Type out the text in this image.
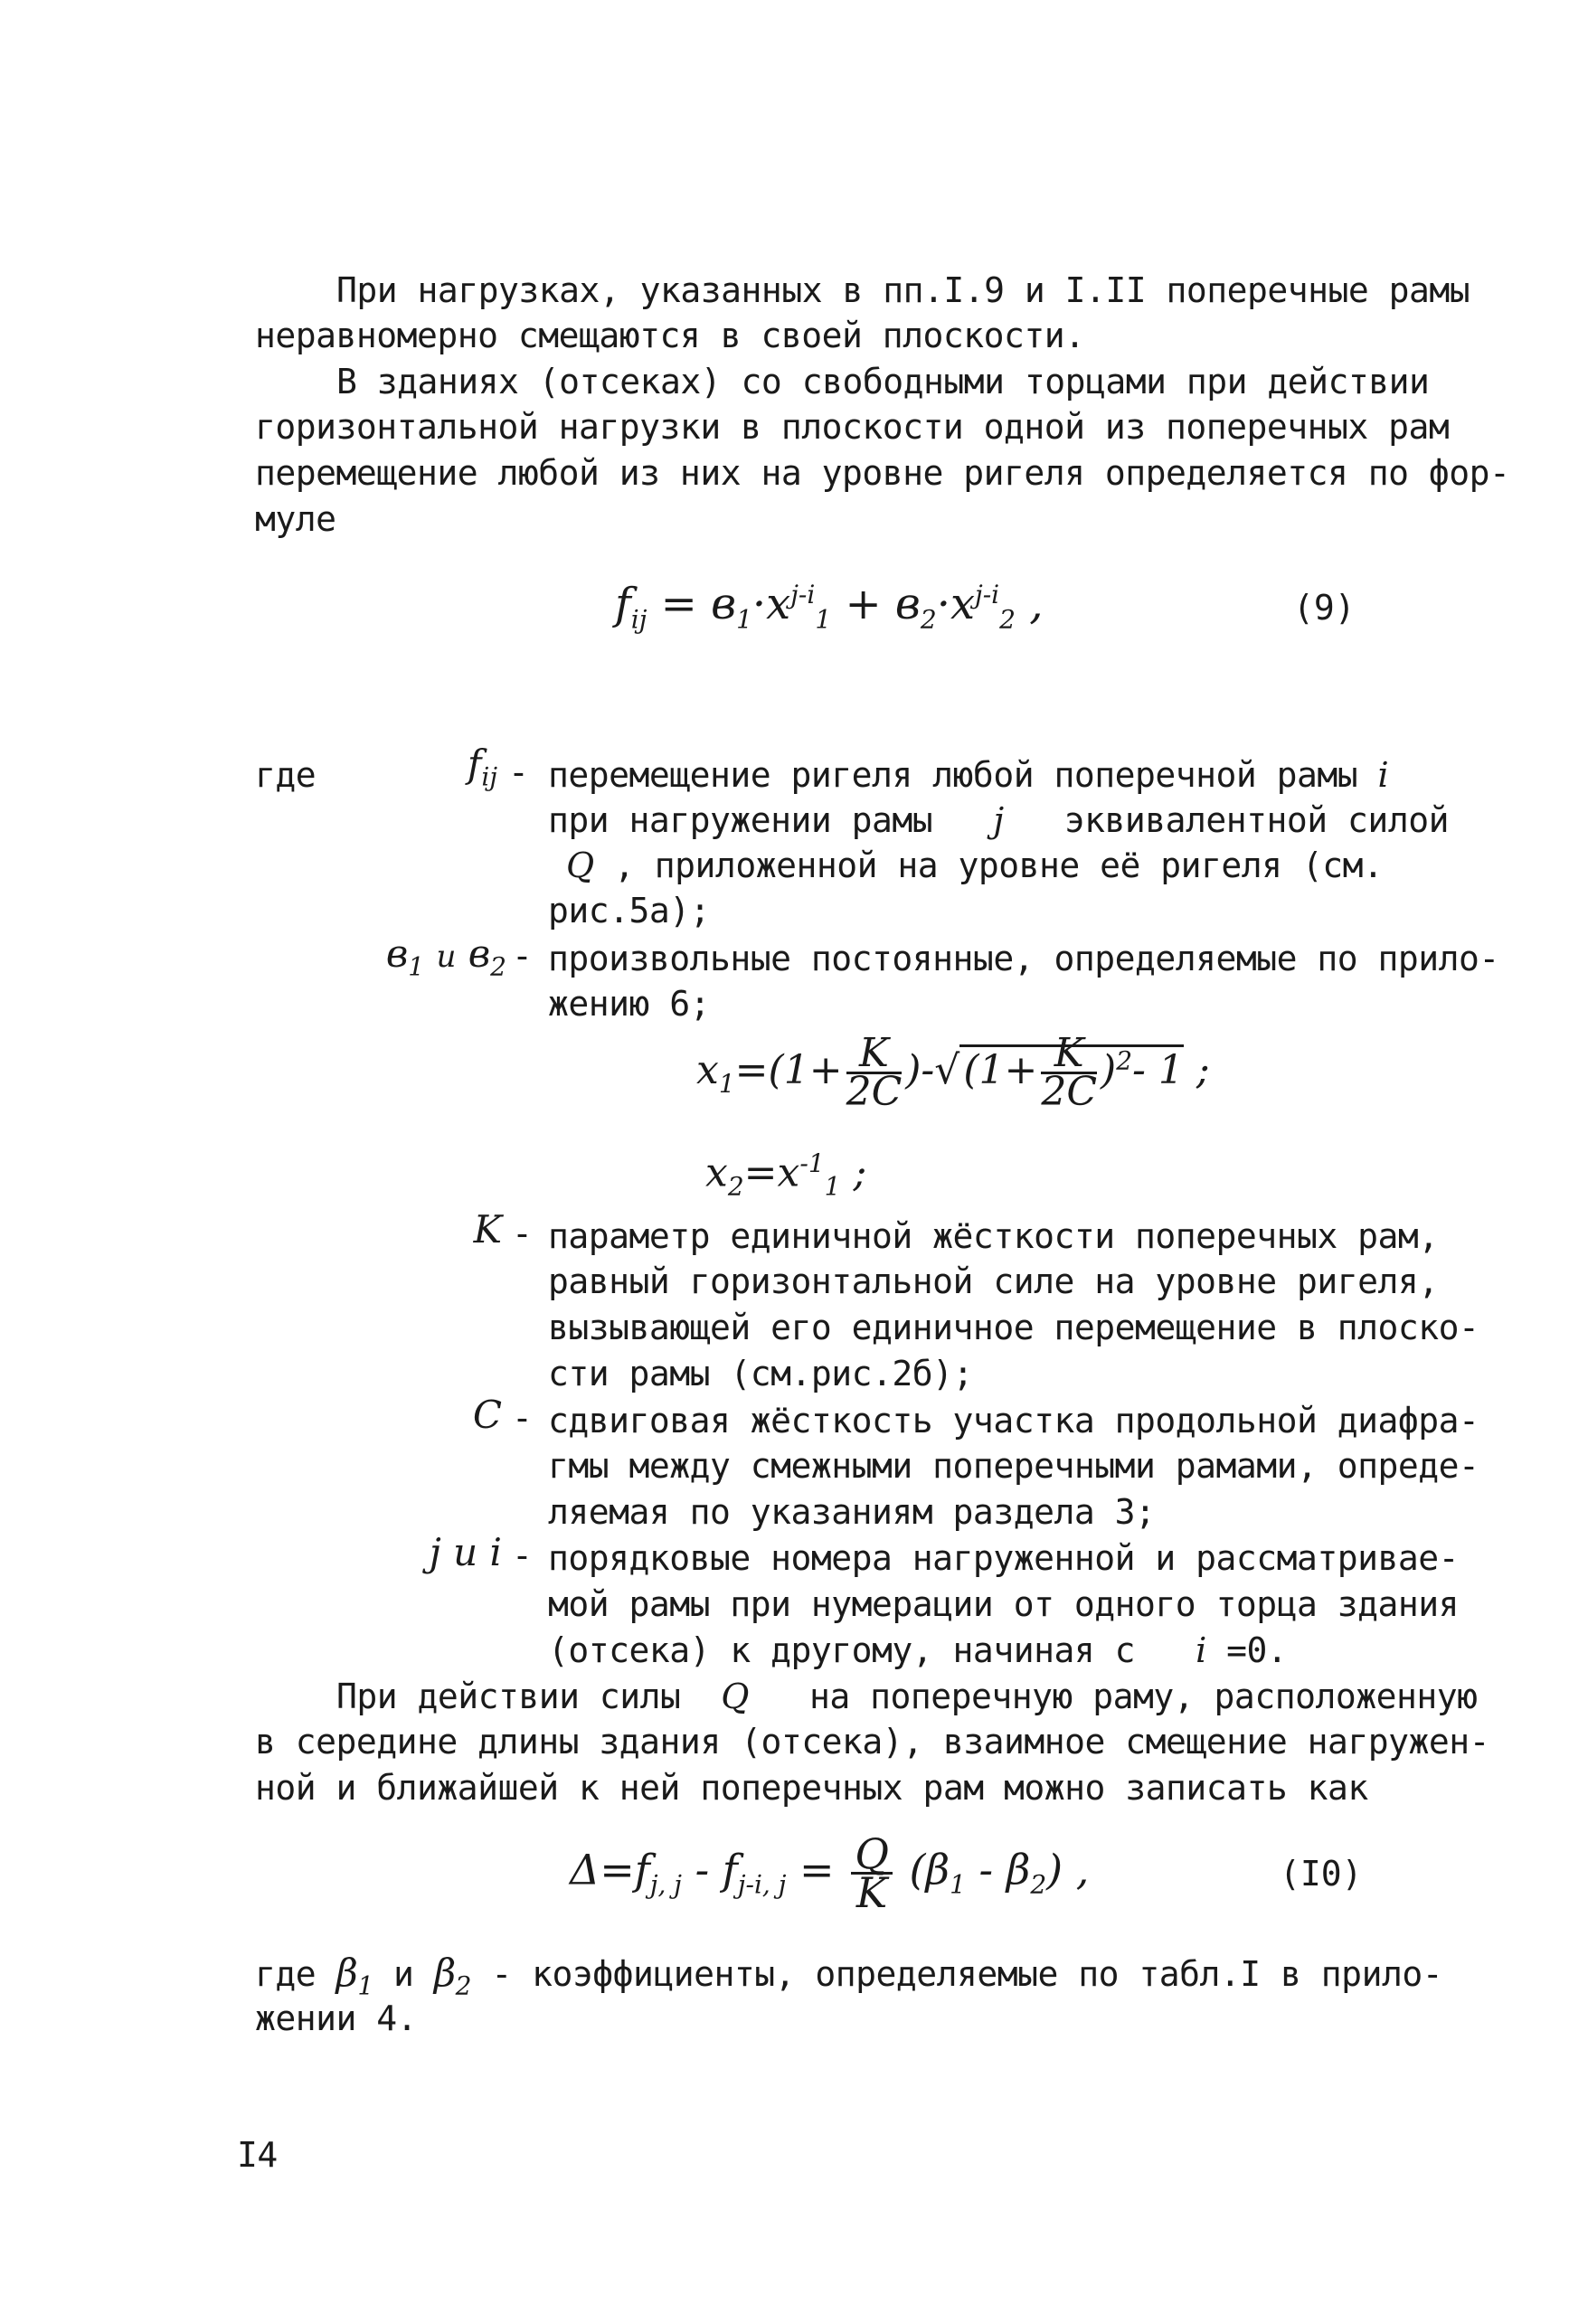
При нагрузках, указанных в пп.I.9 и I.II поперечные рамы
неравномерно смещаются в своей плоскости.
В зданиях (отсеках) со свободными торцами при действии
горизонтальной нагрузки в плоскости одной из поперечных рам
перемещение любой из них на уровне ригеля определяется по фор-
муле
$f_{ij} = в_1\cdot x^{j-i}_1 + в_2\cdot x^{j-i}_2$ ,	(9)
где	$f_{ij}$ - перемещение ригеля любой поперечной рамы i
при нагружении рамы j эквивалентной силой
Q , приложенной на уровне её ригеля (см.
рис.5а);
$в_1$ и $в_2$ - произвольные постоянные, определяемые по прило-
жению 6;
$x_1=(1+ \frac{K}{2C} )-√(1+ \frac{K}{2C} )^2-$ 1 ;
$x_2=x^{-1}_1$ ;
K - параметр единичной жёсткости поперечных рам,
равный горизонтальной силе на уровне ригеля,
вызывающей его единичное перемещение в плоско-
сти рамы (см.рис.2б);
C - сдвиговая жёсткость участка продольной диафра-
гмы между смежными поперечными рамами, опреде-
ляемая по указаниям раздела 3;
j и i - порядковые номера нагруженной и рассматривае-
мой рамы при нумерации от одного торца здания
(отсека) к другому, начиная с i =0.
При действии силы Q на поперечную раму, расположенную
в середине длины здания (отсека), взаимное смещение нагружен-
ной и ближайшей к ней поперечных рам можно записать как
$\Delta=f_{j, j} - f_{j-i, j} = \frac{Q}{K} (\beta_1 - \beta_2)$ ,	(I0)
где $\beta_1$ и $\beta_2$ - коэффициенты, определяемые по табл.I в прило-
жении 4.
I4
